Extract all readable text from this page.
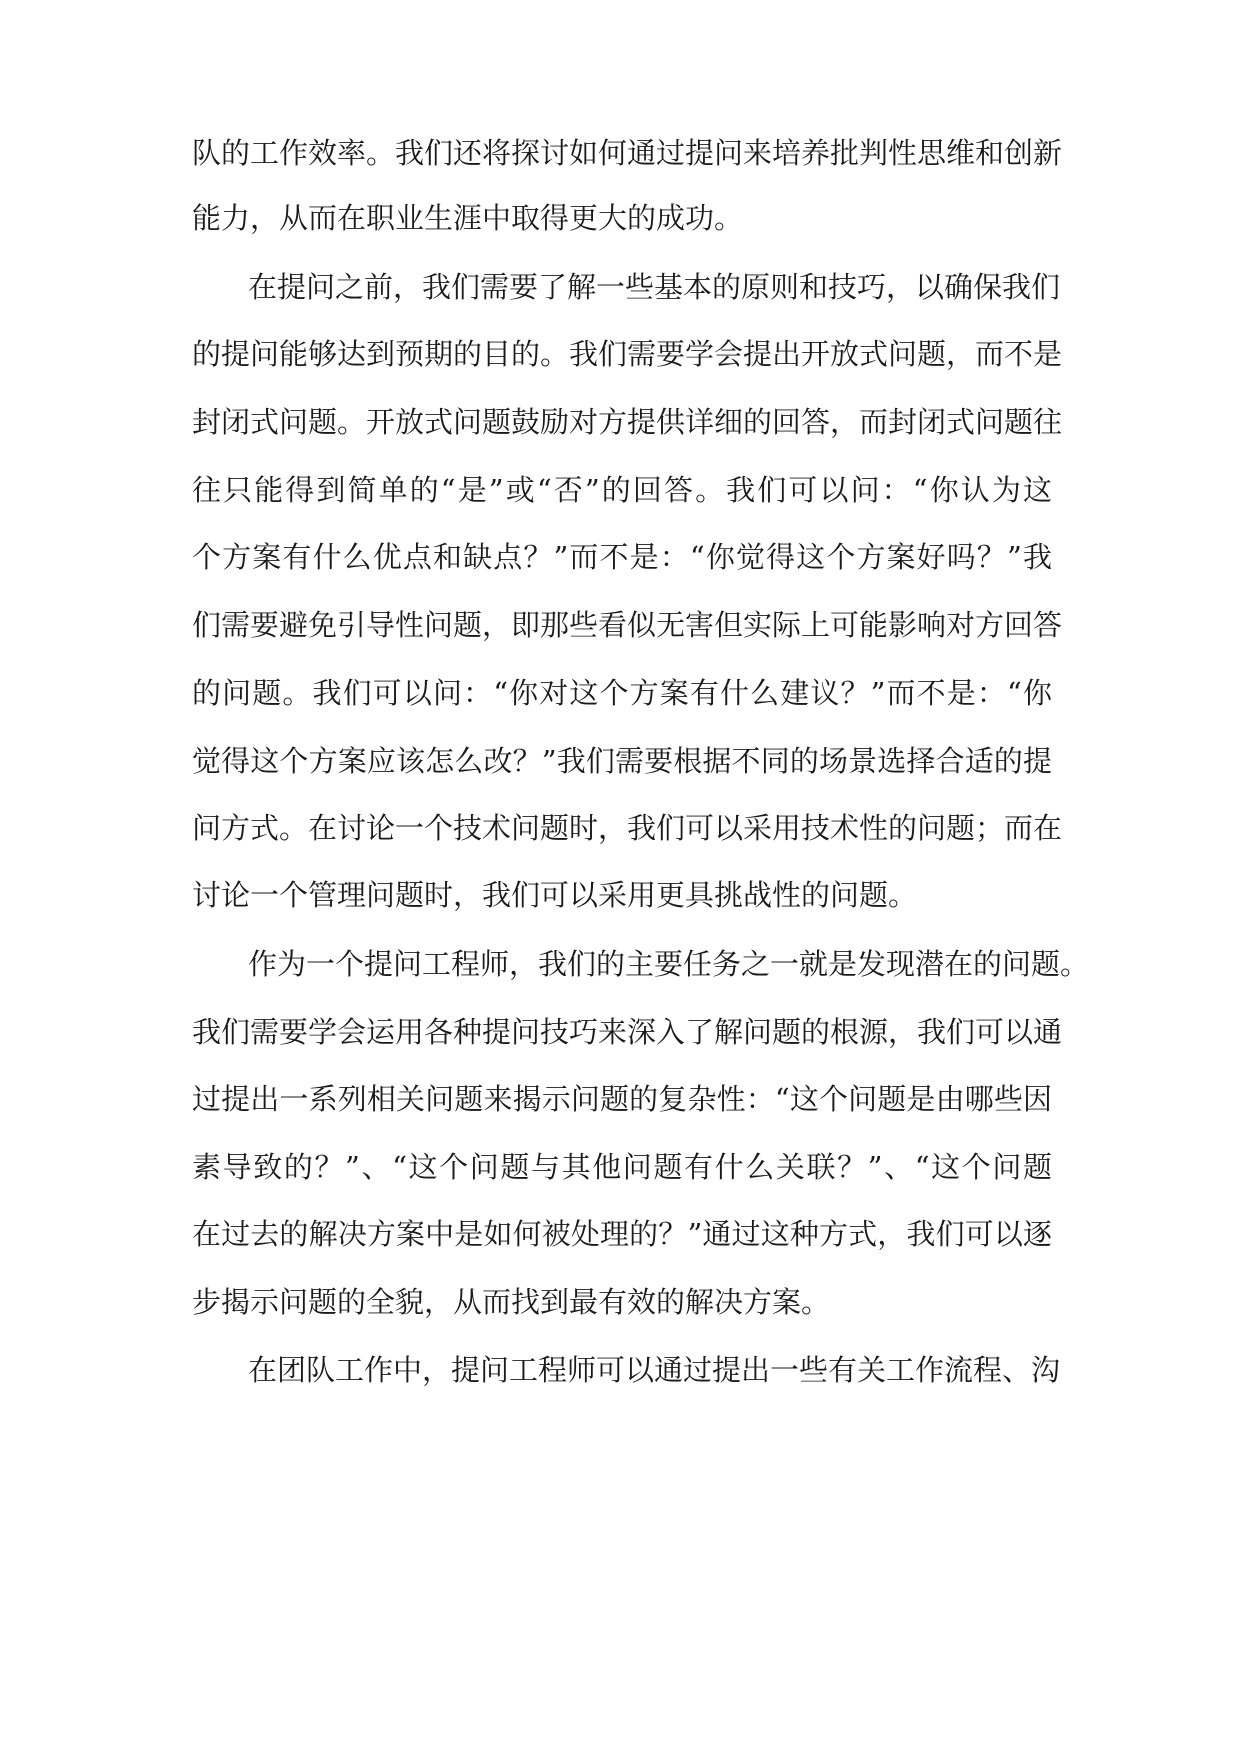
队的工作效率。我们还将探讨如何通过提问来培养批判性思维和创新
能力，从而在职业生涯中取得更大的成功。
在提问之前，我们需要了解一些基本的原则和技巧，以确保我们
的提问能够达到预期的目的。我们需要学会提出开放式问题，而不是
封闭式问题。开放式问题鼓励对方提供详细的回答，而封闭式问题往
往只能得到简单的“是”或“否”的回答。我们可以问：“你认为这
个方案有什么优点和缺点？”而不是：“你觉得这个方案好吗？”我
们需要避免引导性问题，即那些看似无害但实际上可能影响对方回答
的问题。我们可以问：“你对这个方案有什么建议？”而不是：“你
觉得这个方案应该怎么改？”我们需要根据不同的场景选择合适的提
问方式。在讨论一个技术问题时，我们可以采用技术性的问题；而在
讨论一个管理问题时，我们可以采用更具挑战性的问题。
作为一个提问工程师，我们的主要任务之一就是发现潜在的问题。
我们需要学会运用各种提问技巧来深入了解问题的根源，我们可以通
过提出一系列相关问题来揭示问题的复杂性：“这个问题是由哪些因
素导致的？”、“这个问题与其他问题有什么关联？”、“这个问题
在过去的解决方案中是如何被处理的？”通过这种方式，我们可以逐
步揭示问题的全貌，从而找到最有效的解决方案。
在团队工作中，提问工程师可以通过提出一些有关工作流程、沟
